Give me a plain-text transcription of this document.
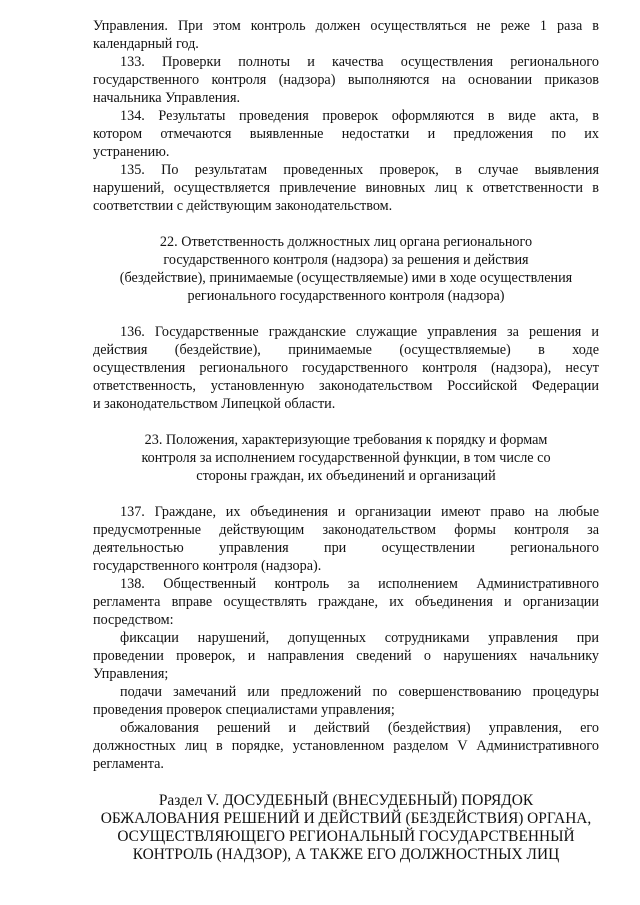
Управления. При этом контроль должен осуществляться не реже 1 раза в
календарный год.
133. Проверки полноты и качества осуществления регионального
государственного контроля (надзора) выполняются на основании приказов
начальника Управления.
134. Результаты проведения проверок оформляются в виде акта, в
котором отмечаются выявленные недостатки и предложения по их
устранению.
135. По результатам проведенных проверок, в случае выявления
нарушений, осуществляется привлечение виновных лиц к ответственности в
соответствии с действующим законодательством.
22. Ответственность должностных лиц органа регионального
государственного контроля (надзора) за решения и действия
(бездействие), принимаемые (осуществляемые) ими в ходе осуществления
регионального государственного контроля (надзора)
136. Государственные гражданские служащие управления за решения и
действия (бездействие), принимаемые (осуществляемые) в ходе
осуществления регионального государственного контроля (надзора), несут
ответственность, установленную законодательством Российской Федерации
и законодательством Липецкой области.
23. Положения, характеризующие требования к порядку и формам
контроля за исполнением государственной функции, в том числе со
стороны граждан, их объединений и организаций
137. Граждане, их объединения и организации имеют право на любые
предусмотренные действующим законодательством формы контроля за
деятельностью управления при осуществлении регионального
государственного контроля (надзора).
138. Общественный контроль за исполнением Административного
регламента вправе осуществлять граждане, их объединения и организации
посредством:
фиксации нарушений, допущенных сотрудниками управления при
проведении проверок, и направления сведений о нарушениях начальнику
Управления;
подачи замечаний или предложений по совершенствованию процедуры
проведения проверок специалистами управления;
обжалования решений и действий (бездействия) управления, его
должностных лиц в порядке, установленном разделом V Административного
регламента.
Раздел V. ДОСУДЕБНЫЙ (ВНЕСУДЕБНЫЙ) ПОРЯДОК
ОБЖАЛОВАНИЯ РЕШЕНИЙ И ДЕЙСТВИЙ (БЕЗДЕЙСТВИЯ) ОРГАНА,
ОСУЩЕСТВЛЯЮЩЕГО РЕГИОНАЛЬНЫЙ ГОСУДАРСТВЕННЫЙ
КОНТРОЛЬ (НАДЗОР), А ТАКЖЕ ЕГО ДОЛЖНОСТНЫХ ЛИЦ
